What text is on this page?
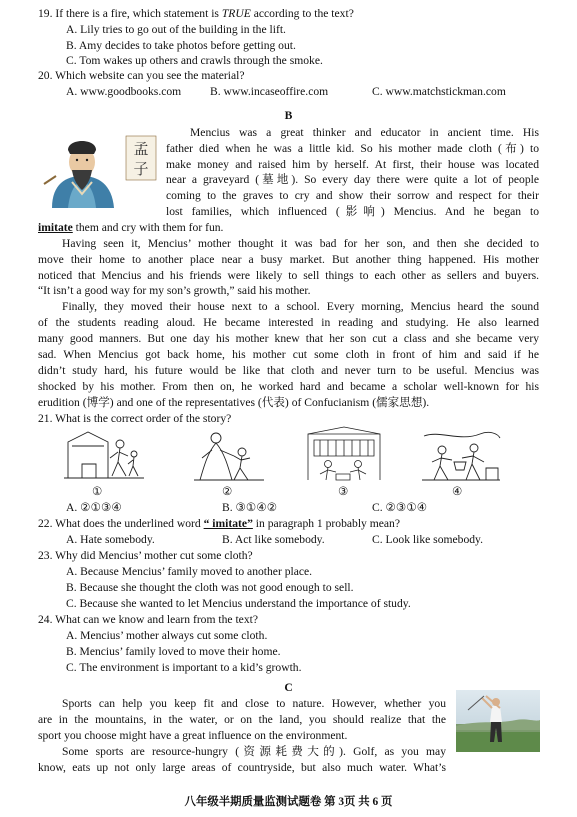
19. If there is a fire, which statement is TRUE according to the text?
A. Lily tries to go out of the building in the lift.
B. Amy decides to take photos before getting out.
C. Tom wakes up others and crawls through the smoke.
20. Which website can you see the material?
A. www.goodbooks.com B. www.incaseoffire.com	C. www.matchstickman.com
B
孟
子
Mencius was a great thinker and educator in ancient time. His
father died when he was a little kid. So his mother made cloth (布) to
make money and raised him by herself. At first, their house was located
near a graveyard (墓地). So every day there were quite a lot of people
coming to the graves to cry and show their sorrow and respect for their
lost families, which influenced (影响) Mencius. And he began to
imitate them and cry with them for fun.
Having seen it, Mencius’ mother thought it was bad for her son, and then she decided to
move their home to another place near a busy market. But another thing happened. His mother
noticed that Mencius and his friends were likely to sell things to each other as sellers and buyers.
“It isn’t a good way for my son’s growth,” said his mother.
Finally, they moved their house next to a school. Every morning, Mencius heard the sound
of the students reading aloud. He became interested in reading and studying. He also learned
many good manners. But one day his mother knew that her son cut a class and she became very
sad. When Mencius got back home, his mother cut some cloth in front of him and said if he
didn’t study hard, his future would be like that cloth and never turn to be useful. Mencius was
shocked by his mother. From then on, he worked hard and became a scholar well-known for his
erudition (博学) and one of the representatives (代表) of Confucianism (儒家思想).
21. What is the correct order of the story?
①	②	③	④
A. ②①③④	B. ③①④②	C. ②③①④
22. What does the underlined word “ imitate” in paragraph 1 probably mean?
A. Hate somebody.	B. Act like somebody.	C. Look like somebody.
23. Why did Mencius’ mother cut some cloth?
A. Because Mencius’ family moved to another place.
B. Because she thought the cloth was not good enough to sell.
C. Because she wanted to let Mencius understand the importance of study.
24. What can we know and learn from the text?
A. Mencius’ mother always cut some cloth.
B. Mencius’ family loved to move their home.
C. The environment is important to a kid’s growth.
C
Sports can help you keep fit and close to nature. However, whether you
are in the mountains, in the water, or on the land, you should realize that the
sport you choose might have a great influence on the environment.
Some sports are resource-hungry (资源耗费大的). Golf, as you may
know, eats up not only large areas of countryside, but also much water. What’s
八年级半期质量监测试题卷 第 3页 共 6 页
